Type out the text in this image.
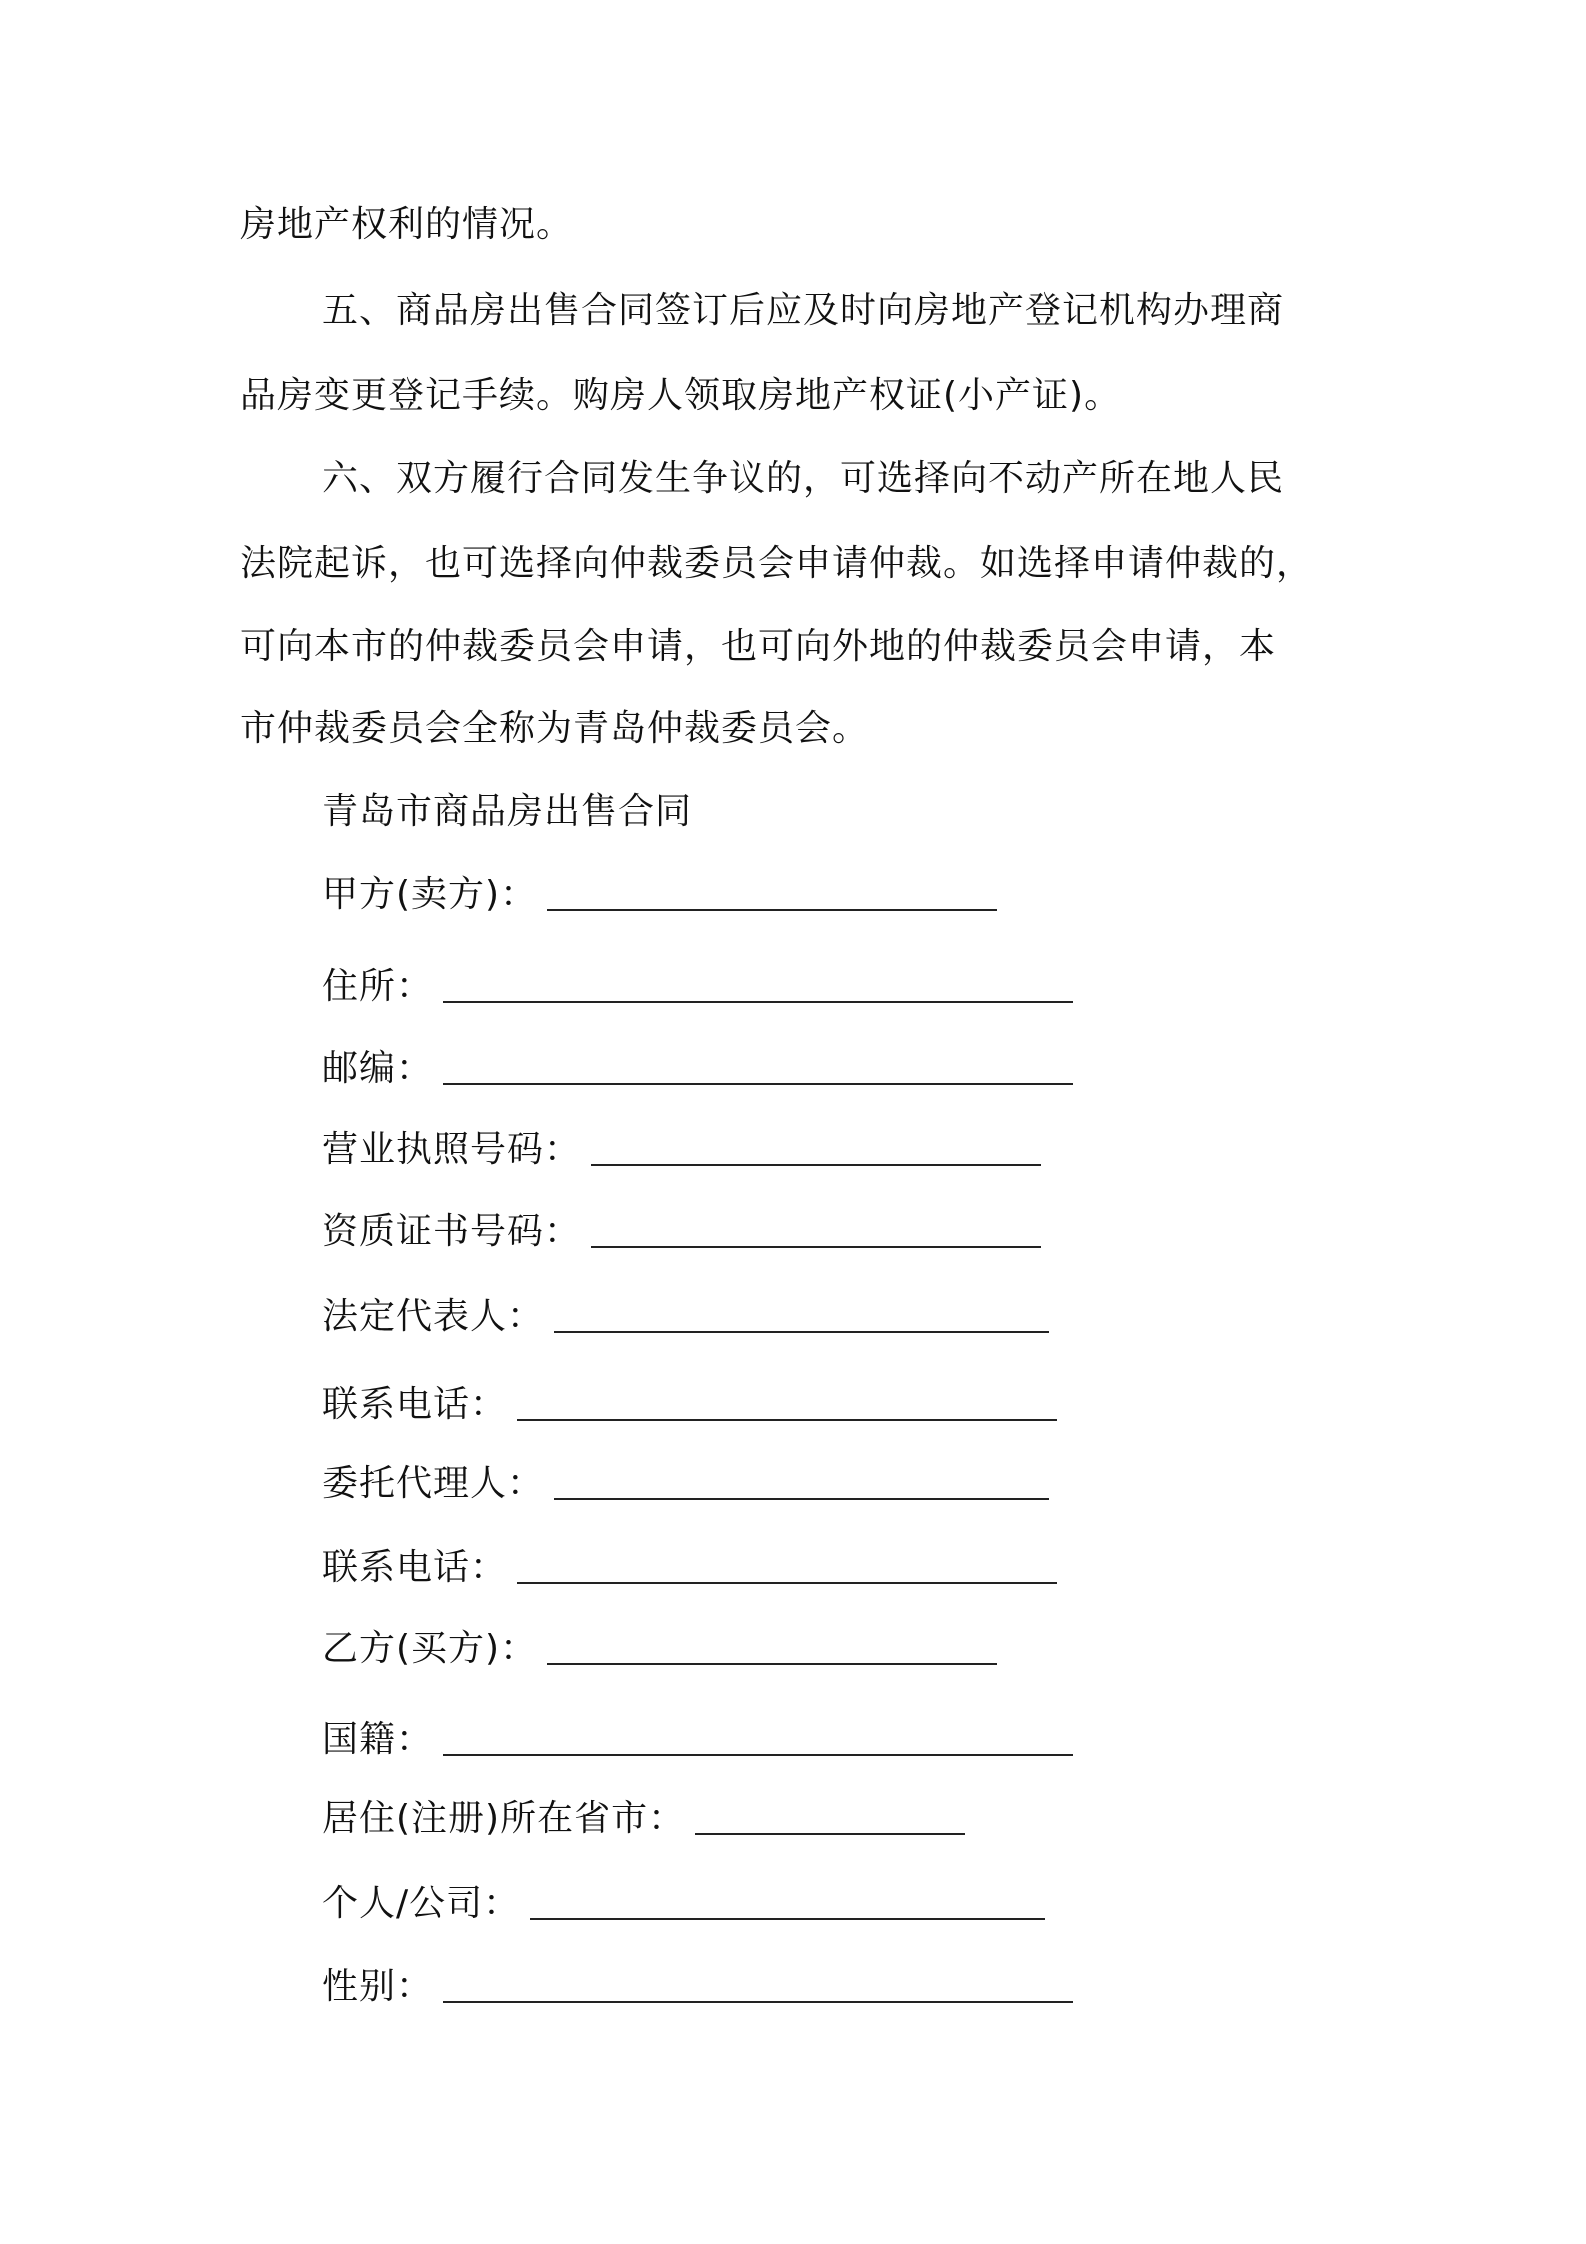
房地产权利的情况。
五、商品房出售合同签订后应及时向房地产登记机构办理商
品房变更登记手续。购房人领取房地产权证(小产证)。
六、双方履行合同发生争议的，可选择向不动产所在地人民
法院起诉，也可选择向仲裁委员会申请仲裁。如选择申请仲裁的，
可向本市的仲裁委员会申请，也可向外地的仲裁委员会申请，本
市仲裁委员会全称为青岛仲裁委员会。
青岛市商品房出售合同
甲方(卖方)：
住所：
邮编：
营业执照号码：
资质证书号码：
法定代表人：
联系电话：
委托代理人：
联系电话：
乙方(买方)：
国籍：
居住(注册)所在省市：
个人/公司：
性别：
